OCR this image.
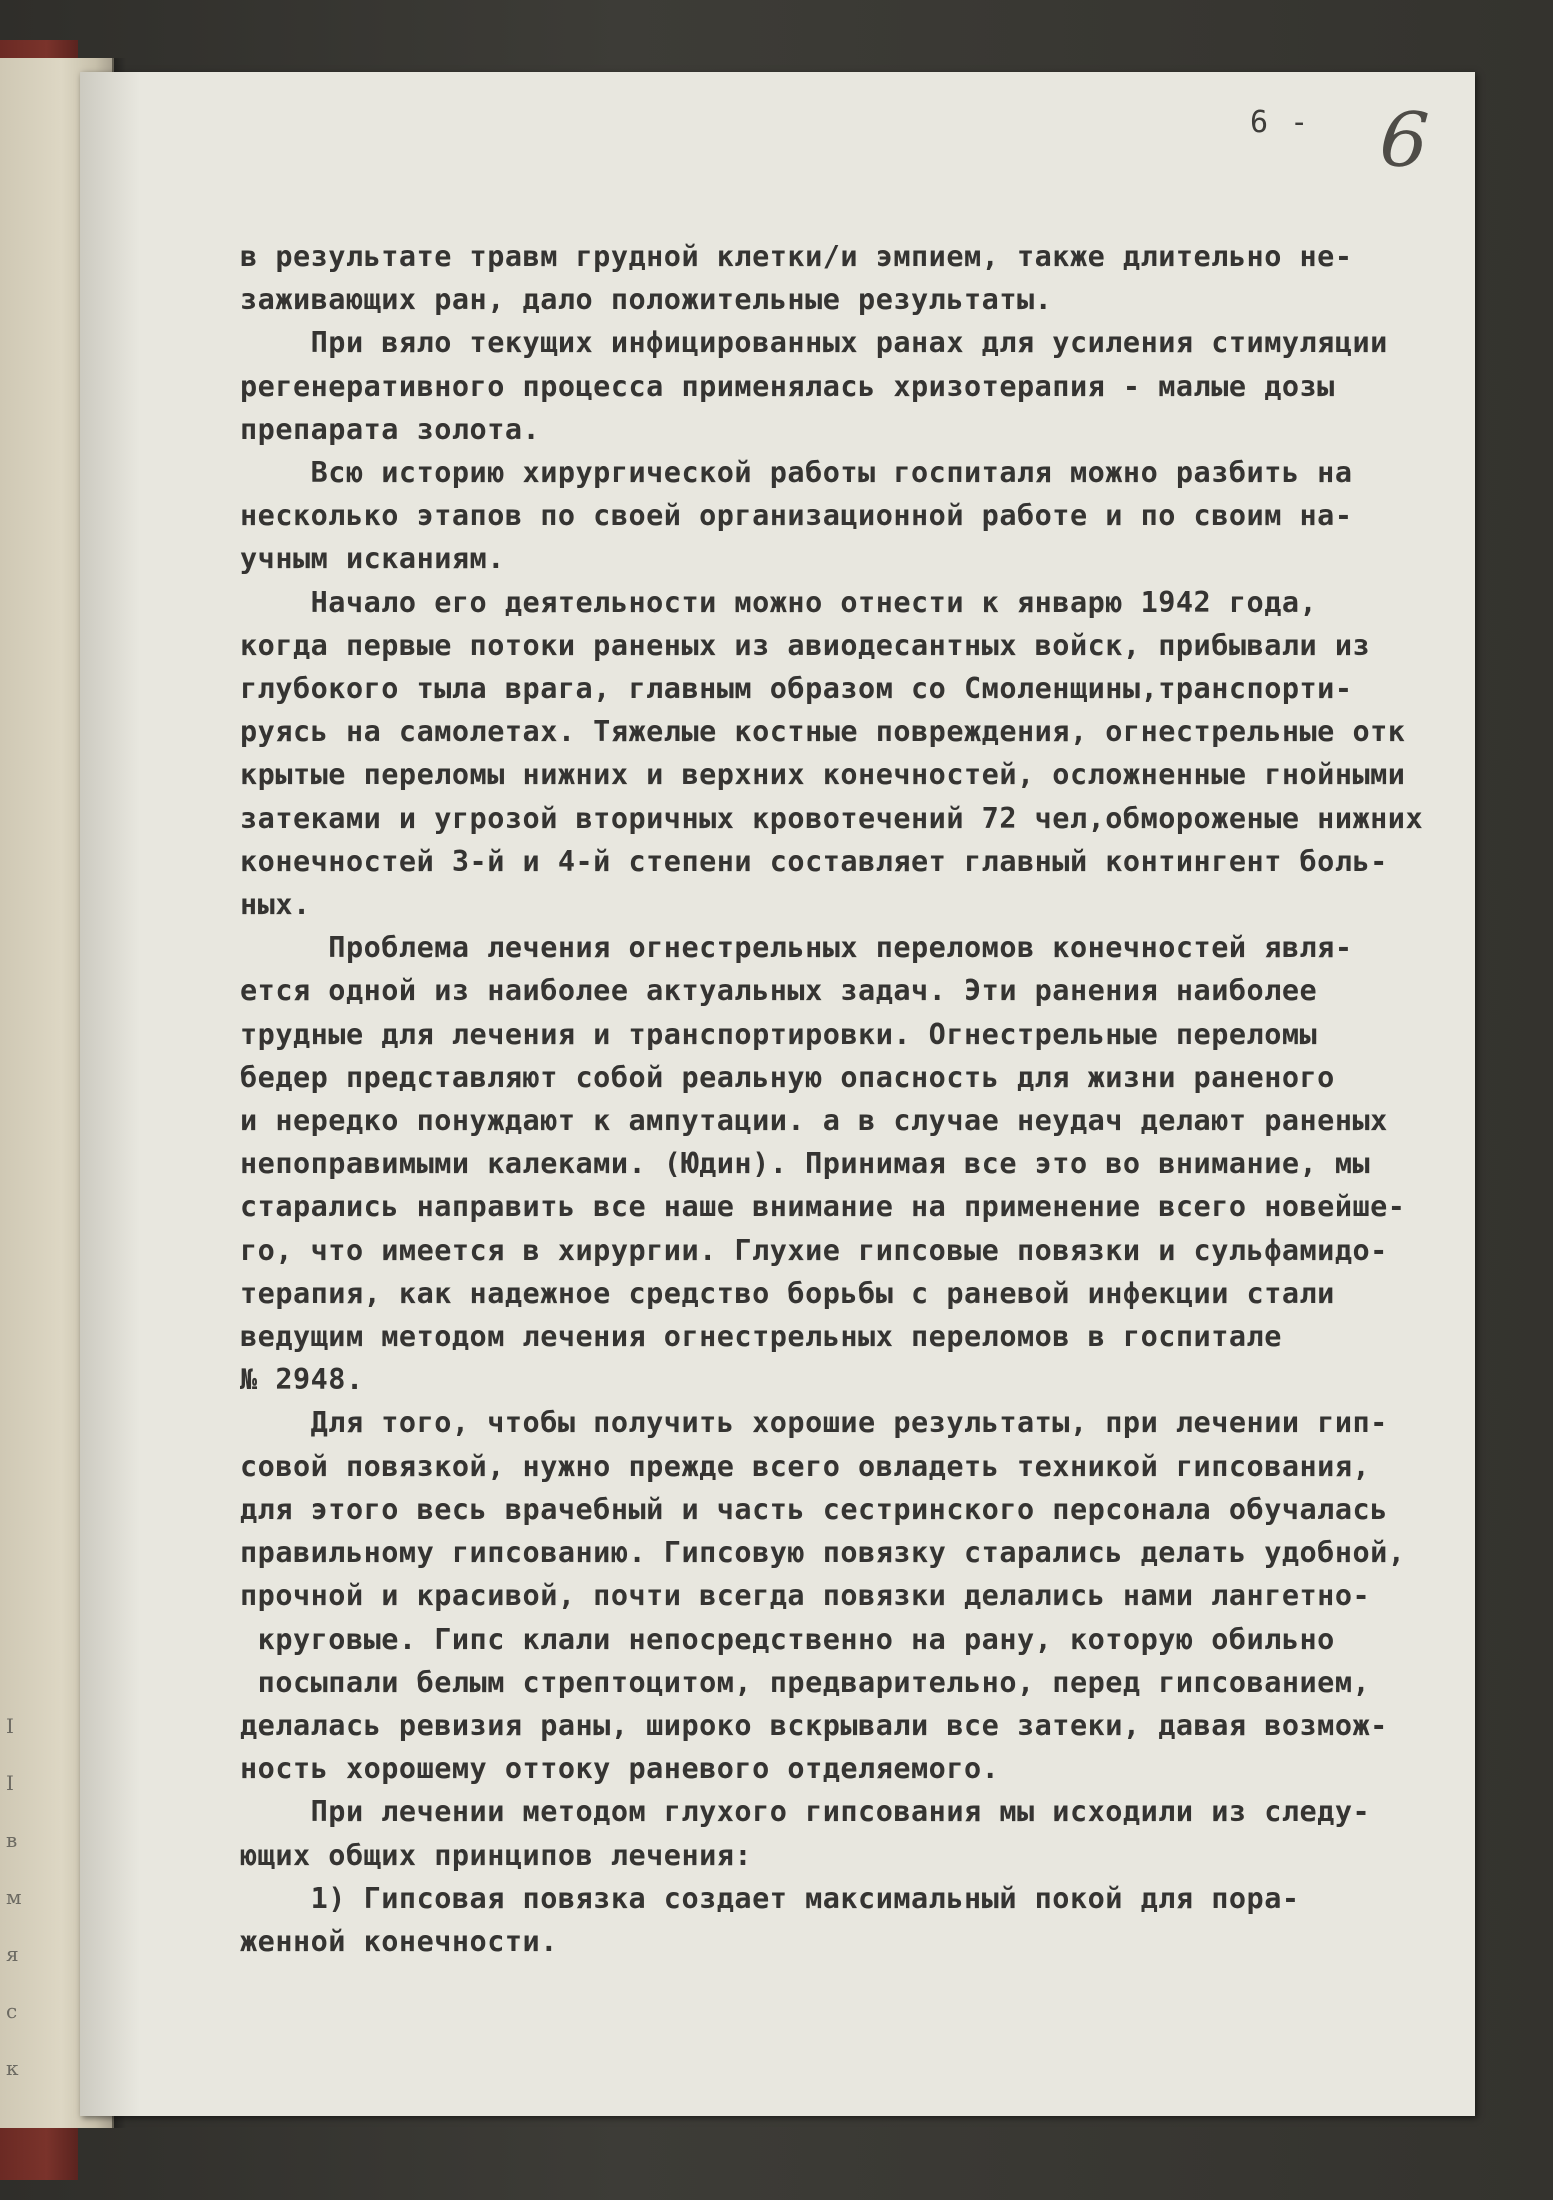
I
I
в
м
я
с
к
6 - 6
в результате травм грудной клетки/и эмпием, также длительно не-
заживающих ран, дало положительные результаты.
При вяло текущих инфицированных ранах для усиления стимуляции
регенеративного процесса применялась хризотерапия - малые дозы
препарата золота.
Всю историю хирургической работы госпиталя можно разбить на
несколько этапов по своей организационной работе и по своим на-
учным исканиям.
Начало его деятельности можно отнести к январю 1942 года,
когда первые потоки раненых из авиодесантных войск, прибывали из
глубокого тыла врага, главным образом со Смоленщины,транспорти-
руясь на самолетах. Тяжелые костные повреждения, огнестрельные отк
крытые переломы нижних и верхних конечностей, осложненные гнойными
затеками и угрозой вторичных кровотечений 72 чел,обмороженые нижних
конечностей 3-й и 4-й степени составляет главный контингент боль-
ных.
Проблема лечения огнестрельных переломов конечностей явля-
ется одной из наиболее актуальных задач. Эти ранения наиболее
трудные для лечения и транспортировки. Огнестрельные переломы
бедер представляют собой реальную опасность для жизни раненого
и нередко понуждают к ампутации. а в случае неудач делают раненых
непоправимыми калеками. (Юдин). Принимая все это во внимание, мы
старались направить все наше внимание на применение всего новейше-
го, что имеется в хирургии. Глухие гипсовые повязки и сульфамидо-
терапия, как надежное средство борьбы с раневой инфекции стали
ведущим методом лечения огнестрельных переломов в госпитале
№ 2948.
Для того, чтобы получить хорошие результаты, при лечении гип-
совой повязкой, нужно прежде всего овладеть техникой гипсования,
для этого весь врачебный и часть сестринского персонала обучалась
правильному гипсованию. Гипсовую повязку старались делать удобной,
прочной и красивой, почти всегда повязки делались нами лангетно-
круговые. Гипс клали непосредственно на рану, которую обильно
посыпали белым стрептоцитом, предварительно, перед гипсованием,
делалась ревизия раны, широко вскрывали все затеки, давая возмож-
ность хорошему оттоку раневого отделяемого.
При лечении методом глухого гипсования мы исходили из следу-
ющих общих принципов лечения:
1) Гипсовая повязка создает максимальный покой для пора-
женной конечности.
